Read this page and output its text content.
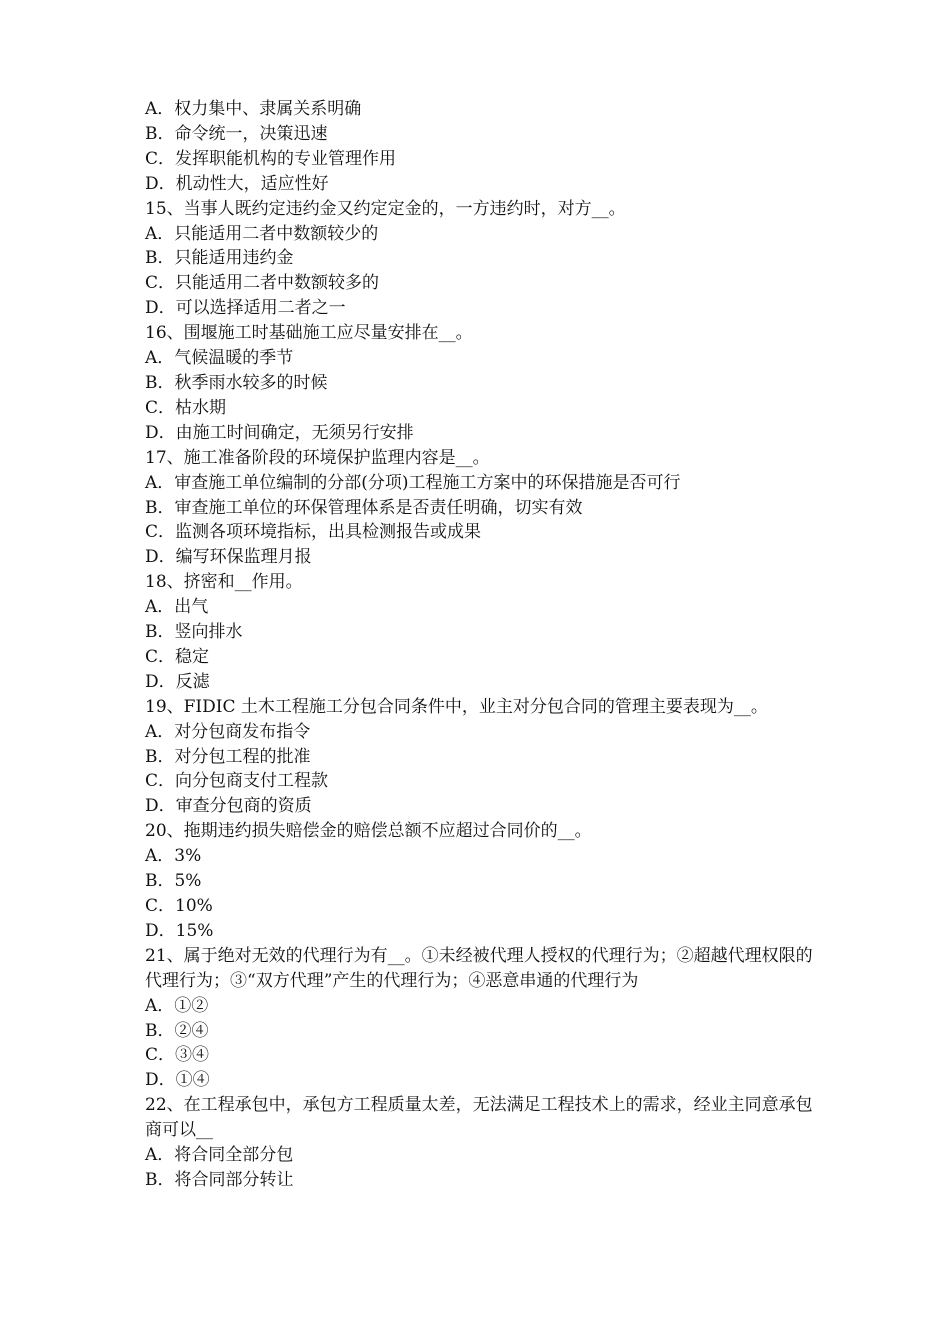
A．权力集中、隶属关系明确
B．命令统一，决策迅速
C．发挥职能机构的专业管理作用
D．机动性大，适应性好
15、当事人既约定违约金又约定定金的，一方违约时，对方__。
A．只能适用二者中数额较少的
B．只能适用违约金
C．只能适用二者中数额较多的
D．可以选择适用二者之一
16、围堰施工时基础施工应尽量安排在__。
A．气候温暖的季节
B．秋季雨水较多的时候
C．枯水期
D．由施工时间确定，无须另行安排
17、施工准备阶段的环境保护监理内容是__。
A．审查施工单位编制的分部(分项)工程施工方案中的环保措施是否可行
B．审查施工单位的环保管理体系是否责任明确，切实有效
C．监测各项环境指标，出具检测报告或成果
D．编写环保监理月报
18、挤密和__作用。
A．出气
B．竖向排水
C．稳定
D．反滤
19、FIDIC 土木工程施工分包合同条件中，业主对分包合同的管理主要表现为__。
A．对分包商发布指令
B．对分包工程的批准
C．向分包商支付工程款
D．审查分包商的资质
20、拖期违约损失赔偿金的赔偿总额不应超过合同价的__。
A．3%
B．5%
C．10%
D．15%
21、属于绝对无效的代理行为有__。①未经被代理人授权的代理行为；②超越代理权限的代理行为；③“双方代理”产生的代理行为；④恶意串通的代理行为
A．①②
B．②④
C．③④
D．①④
22、在工程承包中，承包方工程质量太差，无法满足工程技术上的需求，经业主同意承包商可以__
A．将合同全部分包
B．将合同部分转让
